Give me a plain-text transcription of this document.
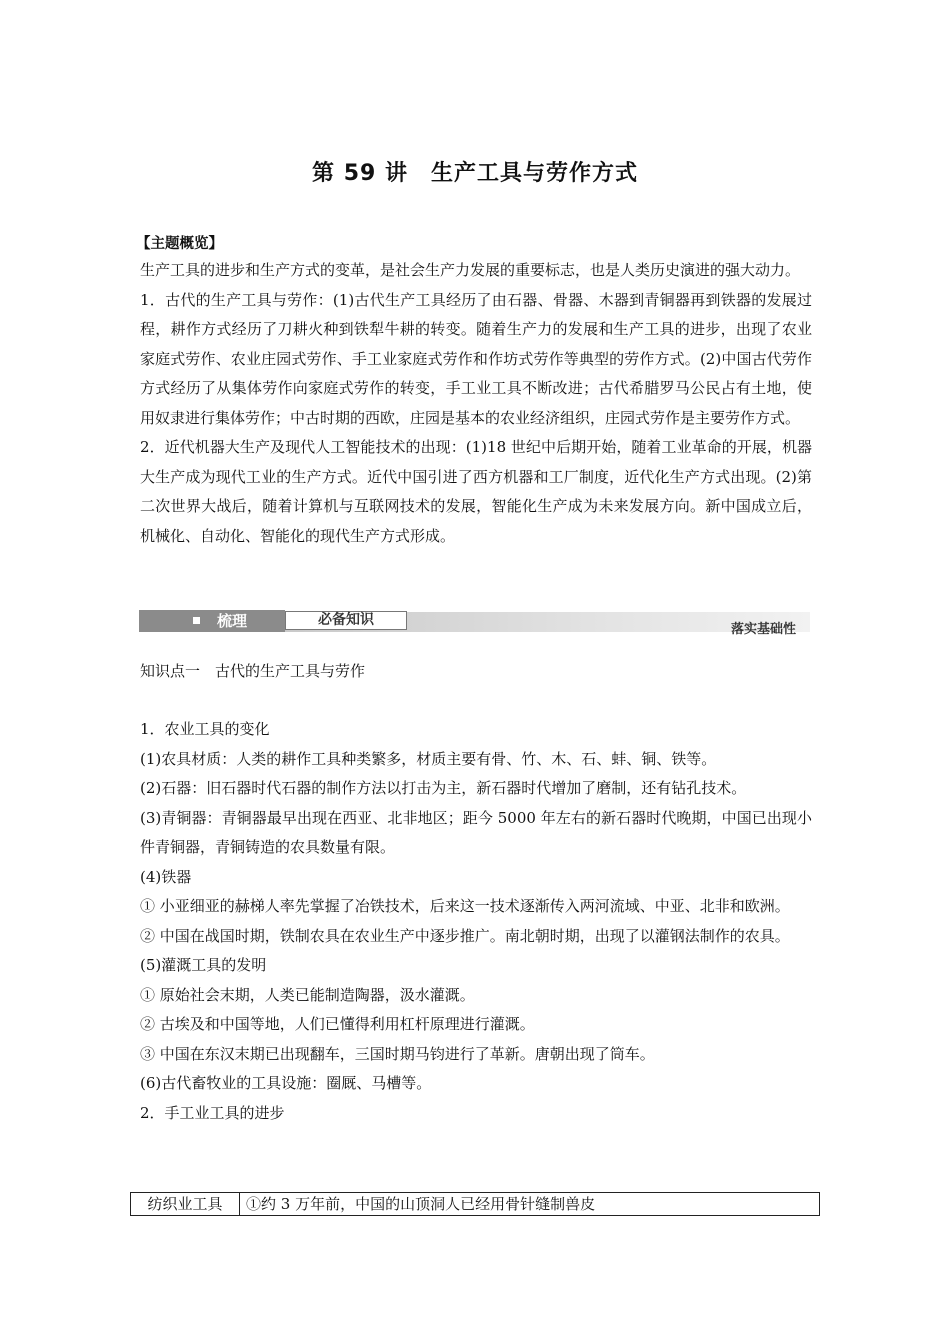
第 59 讲　生产工具与劳作方式
【主题概览】

生产工具的进步和生产方式的变革，是社会生产力发展的重要标志，也是人类历史演进的强大动力。

1．古代的生产工具与劳作：(1)古代生产工具经历了由石器、骨器、木器到青铜器再到铁器的发展过程，耕作方式经历了刀耕火种到铁犁牛耕的转变。随着生产力的发展和生产工具的进步，出现了农业家庭式劳作、农业庄园式劳作、手工业家庭式劳作和作坊式劳作等典型的劳作方式。(2)中国古代劳作方式经历了从集体劳作向家庭式劳作的转变，手工业工具不断改进；古代希腊罗马公民占有土地，使用奴隶进行集体劳作；中古时期的西欧，庄园是基本的农业经济组织，庄园式劳作是主要劳作方式。

2．近代机器大生产及现代人工智能技术的出现：(1)18 世纪中后期开始，随着工业革命的开展，机器大生产成为现代工业的生产方式。近代中国引进了西方机器和工厂制度，近代化生产方式出现。(2)第二次世界大战后，随着计算机与互联网技术的发展，智能化生产成为未来发展方向。新中国成立后，机械化、自动化、智能化的现代生产方式形成。

梳理	必备知识
落实基础性
知识点一　古代的生产工具与劳作

1．农业工具的变化

(1)农具材质：人类的耕作工具种类繁多，材质主要有骨、竹、木、石、蚌、铜、铁等。

(2)石器：旧石器时代石器的制作方法以打击为主，新石器时代增加了磨制，还有钻孔技术。

(3)青铜器：青铜器最早出现在西亚、北非地区；距今 5000 年左右的新石器时代晚期，中国已出现小件青铜器，青铜铸造的农具数量有限。

(4)铁器

① 小亚细亚的赫梯人率先掌握了冶铁技术，后来这一技术逐渐传入两河流域、中亚、北非和欧洲。

② 中国在战国时期，铁制农具在农业生产中逐步推广。南北朝时期，出现了以灌钢法制作的农具。

(5)灌溉工具的发明

① 原始社会末期，人类已能制造陶器，汲水灌溉。

② 古埃及和中国等地，人们已懂得利用杠杆原理进行灌溉。

③ 中国在东汉末期已出现翻车，三国时期马钧进行了革新。唐朝出现了筒车。

(6)古代畜牧业的工具设施：圈厩、马槽等。

2．手工业工具的进步

纺织业工具	①约 3 万年前，中国的山顶洞人已经用骨针缝制兽皮
